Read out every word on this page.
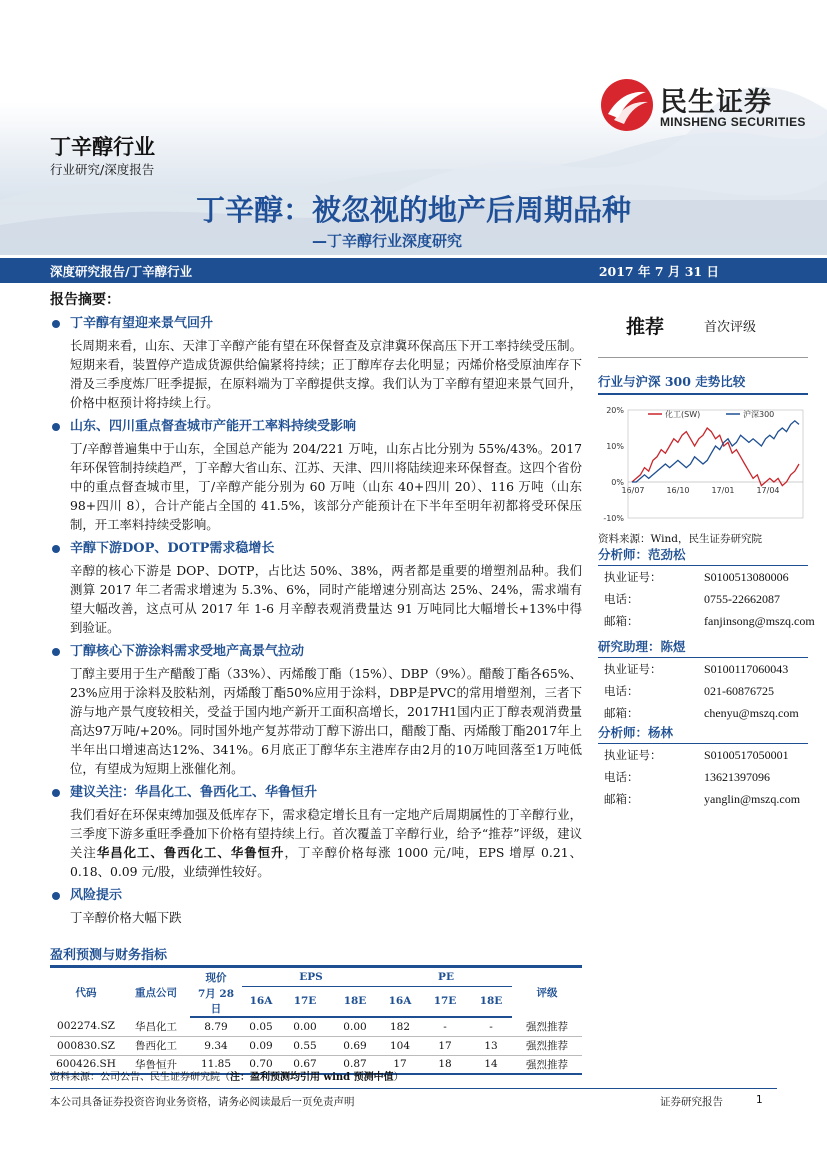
民生证券
MINSHENG SECURITIES
丁辛醇行业
行业研究/深度报告
丁辛醇：被忽视的地产后周期品种
—丁辛醇行业深度研究
深度研究报告/丁辛醇行业	2017 年 7 月 31 日
报告摘要：
丁辛醇有望迎来景气回升
长周期来看，山东、天津丁辛醇产能有望在环保督查及京津冀环保高压下开工率持续受压制。短期来看，装置停产造成货源供给偏紧将持续；正丁醇库存去化明显；丙烯价格受原油库存下滑及三季度炼厂旺季提振，在原料端为丁辛醇提供支撑。我们认为丁辛醇有望迎来景气回升，价格中枢预计将持续上行。
山东、四川重点督查城市产能开工率料持续受影响
丁/辛醇普遍集中于山东，全国总产能为 204/221 万吨，山东占比分别为 55%/43%。2017 年环保管制持续趋严，丁辛醇大省山东、江苏、天津、四川将陆续迎来环保督查。这四个省份中的重点督查城市里，丁/辛醇产能分别为 60 万吨（山东 40+四川 20）、116 万吨（山东 98+四川 8），合计产能占全国的 41.5%，该部分产能预计在下半年至明年初都将受环保压制，开工率料持续受影响。
辛醇下游DOP、DOTP需求稳增长
辛醇的核心下游是 DOP、DOTP，占比达 50%、38%，两者都是重要的增塑剂品种。我们测算 2017 年二者需求增速为 5.3%、6%，同时产能增速分别高达 25%、24%，需求端有望大幅改善，这点可从 2017 年 1-6 月辛醇表观消费量达 91 万吨同比大幅增长+13%中得到验证。
丁醇核心下游涂料需求受地产高景气拉动
丁醇主要用于生产醋酸丁酯（33%）、丙烯酸丁酯（15%）、DBP（9%）。醋酸丁酯各65%、23%应用于涂料及胶粘剂，丙烯酸丁酯50%应用于涂料，DBP是PVC的常用增塑剂，三者下游与地产景气度较相关，受益于国内地产新开工面积高增长，2017H1国内正丁醇表观消费量高达97万吨/+20%。同时国外地产复苏带动丁醇下游出口，醋酸丁酯、丙烯酸丁酯2017年上半年出口增速高达12%、341%。6月底正丁醇华东主港库存由2月的10万吨回落至1万吨低位，有望成为短期上涨催化剂。
建议关注：华昌化工、鲁西化工、华鲁恒升
我们看好在环保束缚加强及低库存下，需求稳定增长且有一定地产后周期属性的丁辛醇行业，三季度下游多重旺季叠加下价格有望持续上行。首次覆盖丁辛醇行业，给予“推荐”评级，建议关注华昌化工、鲁西化工、华鲁恒升，丁辛醇价格每涨 1000 元/吨，EPS 增厚 0.21、0.18、0.09 元/股，业绩弹性较好。
风险提示
丁辛醇价格大幅下跌
推荐	首次评级
行业与沪深 300 走势比较
20%
10%
0%
-10%
16/07	16/10	17/01	17/04
化工(SW)	沪深300
资料来源：Wind，民生证券研究院
分析师：范劲松
执业证号：	S0100513080006
电话：	0755-22662087
邮箱：	fanjinsong@mszq.com
研究助理：陈煜
执业证号：	S0100117060043
电话：	021-60876725
邮箱：	chenyu@mszq.com
分析师：杨林
执业证号：	S0100517050001
电话：	13621397096
邮箱：	yanglin@mszq.com
盈利预测与财务指标
代码	重点公司	现价	EPS			PE			评级
		7月 28 日	16A	17E	18E	16A	17E	18E	
002274.SZ	华昌化工	8.79	0.05	0.00	0.00	182	-	-	强烈推荐
000830.SZ	鲁西化工	9.34	0.09	0.55	0.69	104	17	13	强烈推荐
600426.SH	华鲁恒升	11.85	0.70	0.67	0.87	17	18	14	强烈推荐
资料来源：公司公告、民生证券研究院（注：盈利预测均引用 wind 预测中值）
本公司具备证券投资咨询业务资格，请务必阅读最后一页免责声明	证券研究报告	1
